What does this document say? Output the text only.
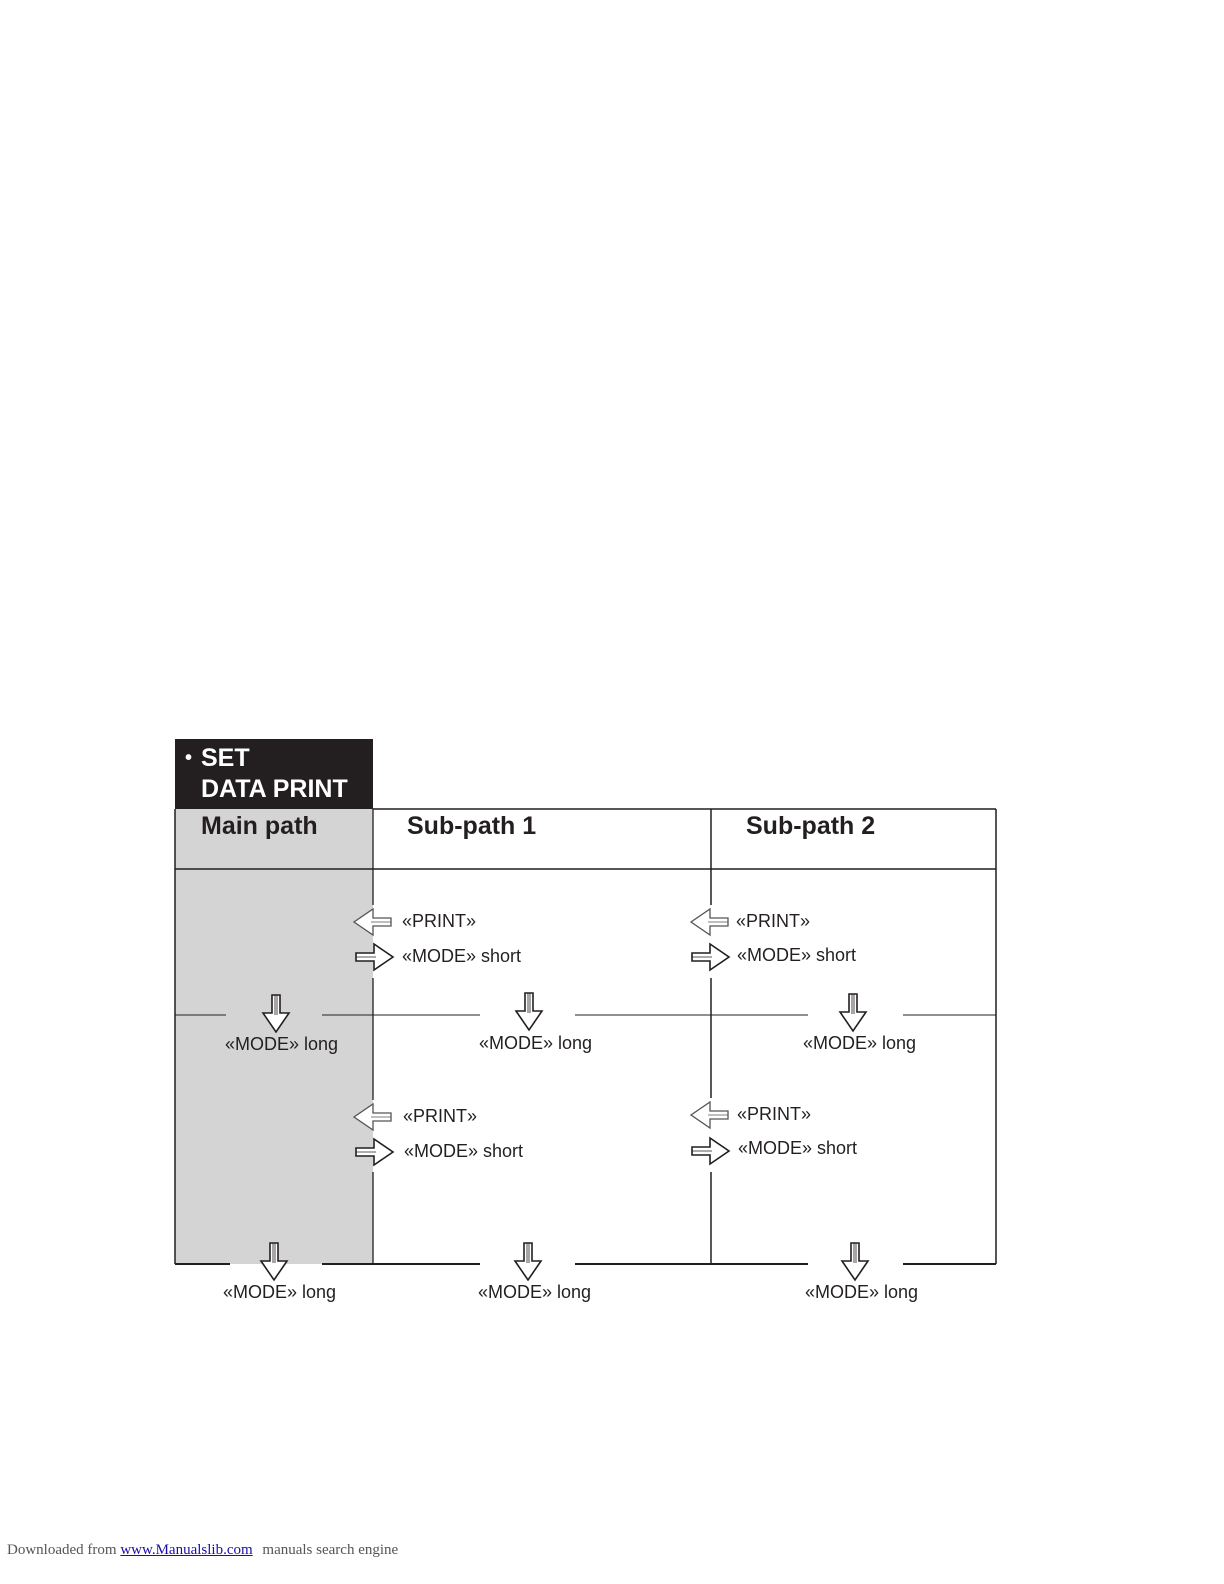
• SET
DATA PRINT
Main path	Sub-path 1	Sub-path 2
«PRINT»
«MODE» short
«PRINT»
«MODE» short
«MODE» long	«MODE» long	«MODE» long
«PRINT»
«MODE» short
«PRINT»
«MODE» short
«MODE» long	«MODE» long	«MODE» long
Downloaded from www.Manualslib.com manuals search engine
